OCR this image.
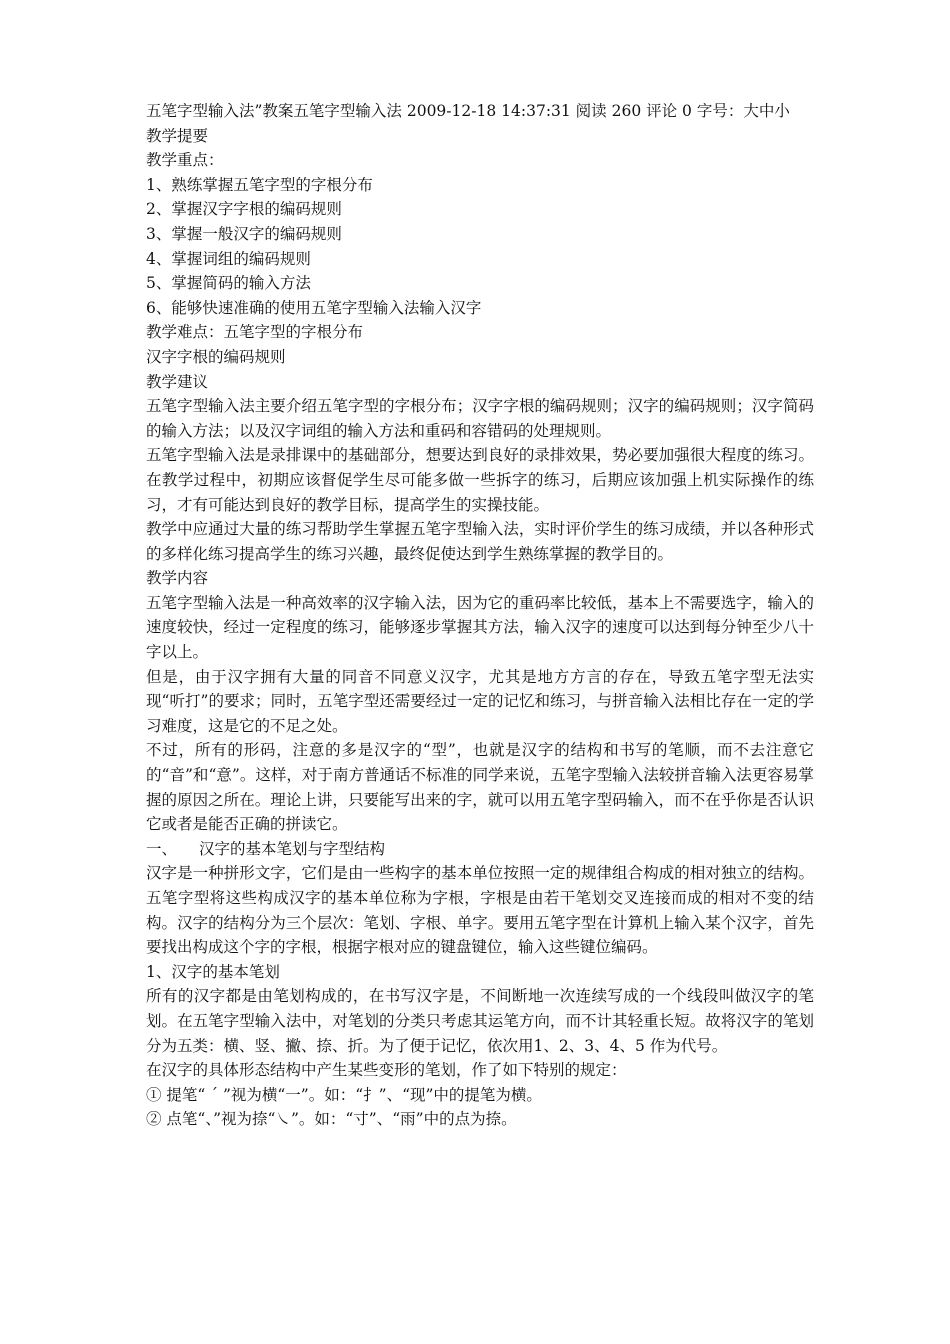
五笔字型输入法”教案五笔字型输入法 2009-12-18 14:37:31 阅读 260 评论 0 字号：大中小
教学提要
教学重点：
1、熟练掌握五笔字型的字根分布
2、掌握汉字字根的编码规则
3、掌握一般汉字的编码规则
4、掌握词组的编码规则
5、掌握简码的输入方法
6、能够快速准确的使用五笔字型输入法输入汉字
教学难点：五笔字型的字根分布
汉字字根的编码规则
教学建议

五笔字型输入法主要介绍五笔字型的字根分布；汉字字根的编码规则；汉字的编码规则；汉字简码的输入方法；以及汉字词组的输入方法和重码和容错码的处理规则。

五笔字型输入法是录排课中的基础部分，想要达到良好的录排效果，势必要加强很大程度的练习。在教学过程中，初期应该督促学生尽可能多做一些拆字的练习，后期应该加强上机实际操作的练习，才有可能达到良好的教学目标，提高学生的实操技能。

教学中应通过大量的练习帮助学生掌握五笔字型输入法，实时评价学生的练习成绩，并以各种形式的多样化练习提高学生的练习兴趣，最终促使达到学生熟练掌握的教学目的。

教学内容

五笔字型输入法是一种高效率的汉字输入法，因为它的重码率比较低，基本上不需要选字，输入的速度较快，经过一定程度的练习，能够逐步掌握其方法，输入汉字的速度可以达到每分钟至少八十字以上。

但是，由于汉字拥有大量的同音不同意义汉字，尤其是地方方言的存在，导致五笔字型无法实现“听打”的要求；同时，五笔字型还需要经过一定的记忆和练习，与拼音输入法相比存在一定的学习难度，这是它的不足之处。

不过，所有的形码，注意的多是汉字的“型”，也就是汉字的结构和书写的笔顺，而不去注意它的“音”和“意”。这样，对于南方普通话不标准的同学来说，五笔字型输入法较拼音输入法更容易掌握的原因之所在。理论上讲，只要能写出来的字，就可以用五笔字型码输入，而不在乎你是否认识它或者是能否正确的拼读它。

一、 汉字的基本笔划与字型结构

汉字是一种拼形文字，它们是由一些构字的基本单位按照一定的规律组合构成的相对独立的结构。五笔字型将这些构成汉字的基本单位称为字根，字根是由若干笔划交叉连接而成的相对不变的结构。汉字的结构分为三个层次：笔划、字根、单字。要用五笔字型在计算机上输入某个汉字，首先要找出构成这个字的字根，根据字根对应的键盘键位，输入这些键位编码。

1、汉字的基本笔划

所有的汉字都是由笔划构成的，在书写汉字是，不间断地一次连续写成的一个线段叫做汉字的笔划。在五笔字型输入法中，对笔划的分类只考虑其运笔方向，而不计其轻重长短。故将汉字的笔划分为五类：横、竖、撇、捺、折。为了便于记忆，依次用1、2、3、4、5 作为代号。

在汉字的具体形态结构中产生某些变形的笔划，作了如下特别的规定：
① 提笔“ ˊ ”视为横“一”。如：“扌”、“现”中的提笔为横。
② 点笔“、”视为捺“㇏”。如：“寸”、“雨”中的点为捺。
